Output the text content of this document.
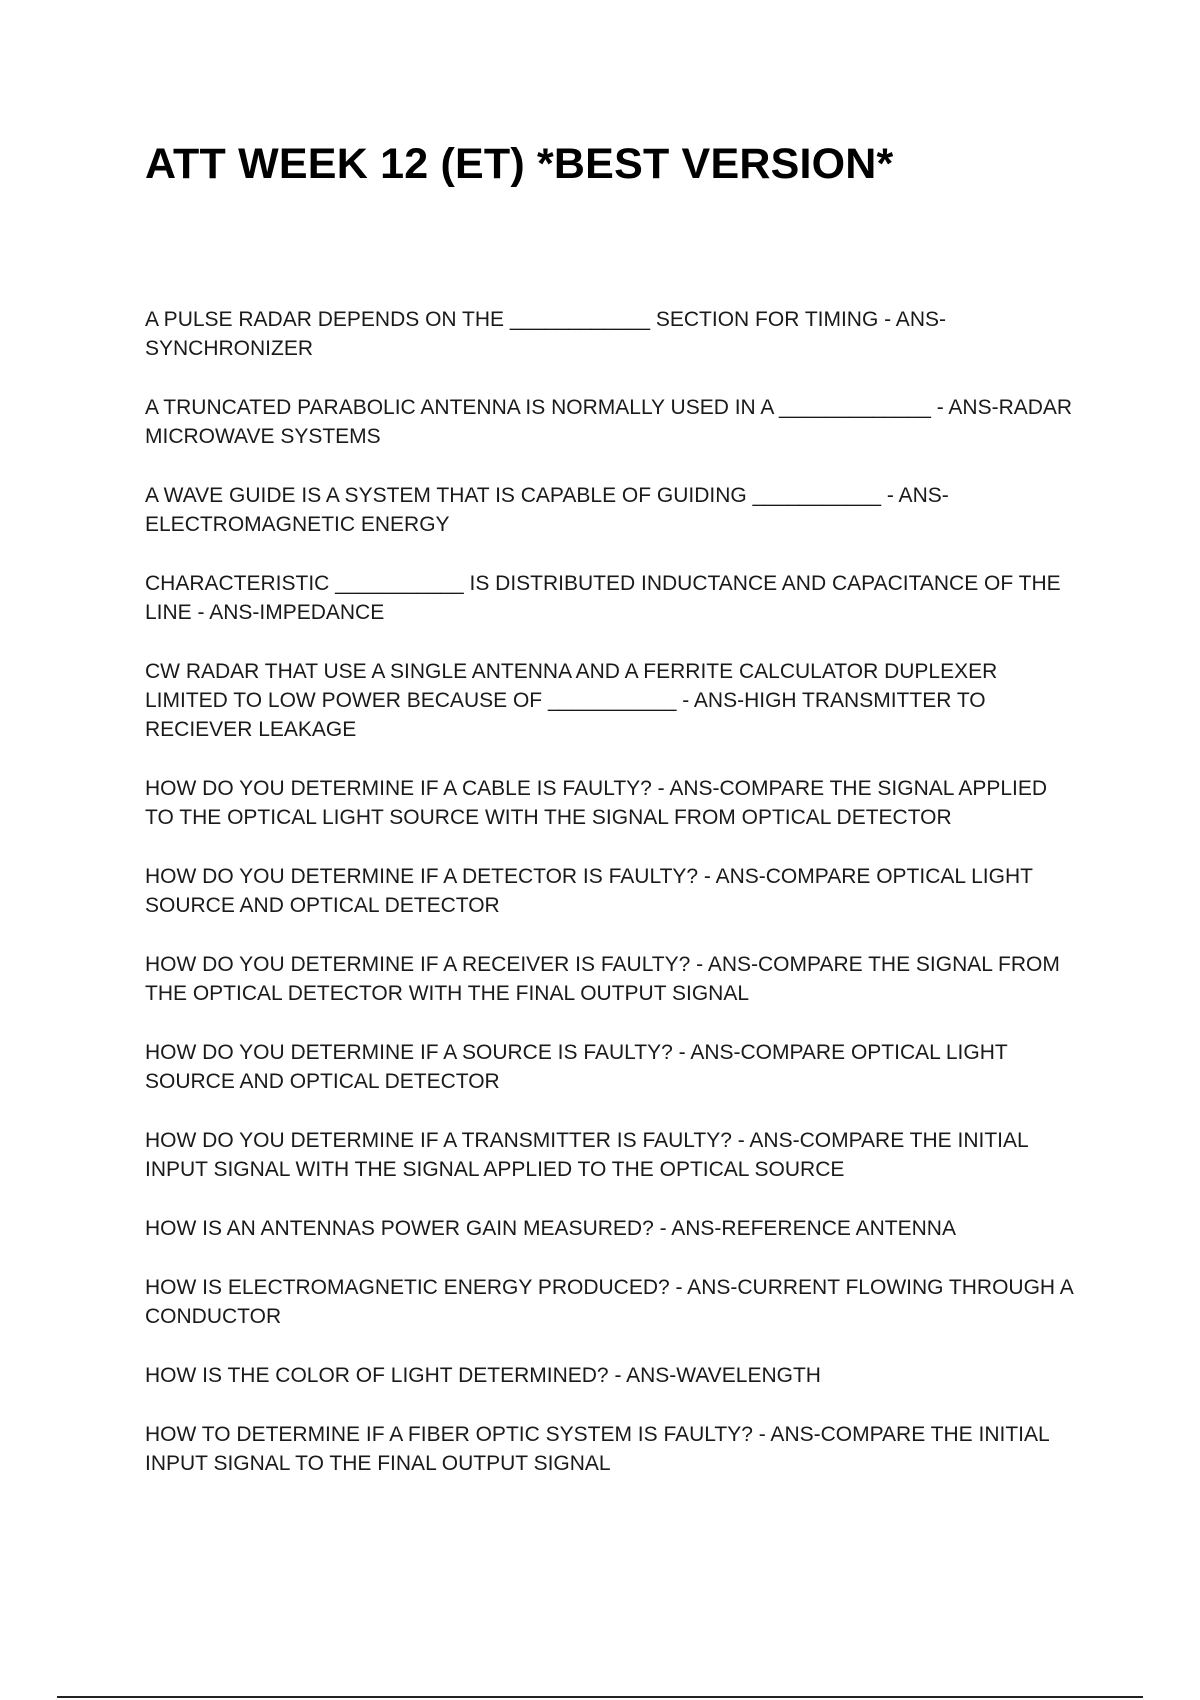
ATT WEEK 12 (ET) *BEST VERSION*
A PULSE RADAR DEPENDS ON THE ____________ SECTION FOR TIMING - ANS-SYNCHRONIZER
A TRUNCATED PARABOLIC ANTENNA IS NORMALLY USED IN A _____________ - ANS-RADAR MICROWAVE SYSTEMS
A WAVE GUIDE IS A SYSTEM THAT IS CAPABLE OF GUIDING ___________ - ANS-ELECTROMAGNETIC ENERGY
CHARACTERISTIC ___________ IS DISTRIBUTED INDUCTANCE AND CAPACITANCE OF THE LINE - ANS-IMPEDANCE
CW RADAR THAT USE A SINGLE ANTENNA AND A FERRITE CALCULATOR DUPLEXER LIMITED TO LOW POWER BECAUSE OF ___________ - ANS-HIGH TRANSMITTER TO RECIEVER LEAKAGE
HOW DO YOU DETERMINE IF A CABLE IS FAULTY? - ANS-COMPARE THE SIGNAL APPLIED TO THE OPTICAL LIGHT SOURCE WITH THE SIGNAL FROM OPTICAL DETECTOR
HOW DO YOU DETERMINE IF A DETECTOR IS FAULTY? - ANS-COMPARE OPTICAL LIGHT SOURCE AND OPTICAL DETECTOR
HOW DO YOU DETERMINE IF A RECEIVER IS FAULTY? - ANS-COMPARE THE SIGNAL FROM THE OPTICAL DETECTOR WITH THE FINAL OUTPUT SIGNAL
HOW DO YOU DETERMINE IF A SOURCE IS FAULTY? - ANS-COMPARE OPTICAL LIGHT SOURCE AND OPTICAL DETECTOR
HOW DO YOU DETERMINE IF A TRANSMITTER IS FAULTY? - ANS-COMPARE THE INITIAL INPUT SIGNAL WITH THE SIGNAL APPLIED TO THE OPTICAL SOURCE
HOW IS AN ANTENNAS POWER GAIN MEASURED? - ANS-REFERENCE ANTENNA
HOW IS ELECTROMAGNETIC ENERGY PRODUCED? - ANS-CURRENT FLOWING THROUGH A CONDUCTOR
HOW IS THE COLOR OF LIGHT DETERMINED? - ANS-WAVELENGTH
HOW TO DETERMINE IF A FIBER OPTIC SYSTEM IS FAULTY? - ANS-COMPARE THE INITIAL INPUT SIGNAL TO THE FINAL OUTPUT SIGNAL
